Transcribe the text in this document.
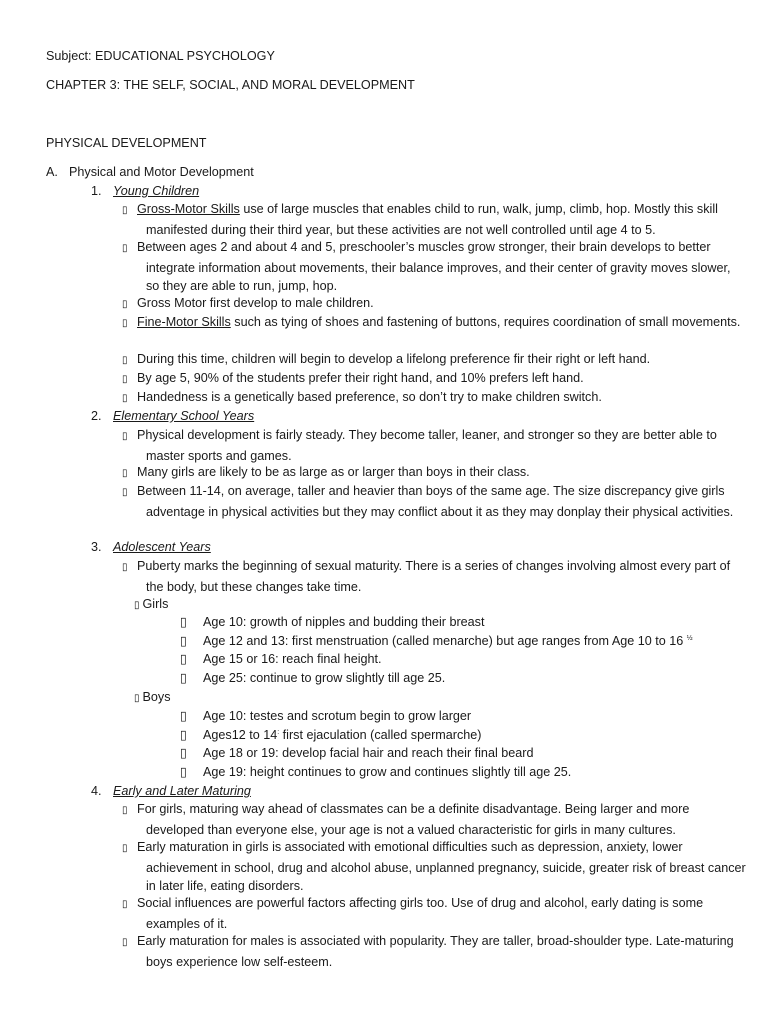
Subject: EDUCATIONAL PSYCHOLOGY
CHAPTER 3: THE SELF, SOCIAL, AND MORAL DEVELOPMENT
PHYSICAL DEVELOPMENT
A. Physical and Motor Development
1. Young Children

▯ Gross-Motor Skills use of large muscles that enables child to run, walk, jump, climb, hop. Mostly this skill manifested during their third year, but these activities are not well controlled until age 4 to 5.

▯ Between ages 2 and about 4 and 5, preschooler’s muscles grow stronger, their brain develops to better integrate information about movements, their balance improves, and their center of gravity moves slower, so they are able to run, jump, hop.

▯ Gross Motor first develop to male children.

▯ Fine-Motor Skills such as tying of shoes and fastening of buttons, requires coordination of small movements.

▯ During this time, children will begin to develop a lifelong preference fir their right or left hand.

▯ By age 5, 90% of the students prefer their right hand, and 10% prefers left hand.

▯ Handedness is a genetically based preference, so don’t try to make children switch.

2. Elementary School Years

▯ Physical development is fairly steady. They become taller, leaner, and stronger so they are better able to master sports and games.

▯ Many girls are likely to be as large as or larger than boys in their class.

▯ Between 11-14, on average, taller and heavier than boys of the same age. The size discrepancy give girls adventage in physical activities but they may conflict about it as they may donplay their physical activities.

3. Adolescent Years

▯ Puberty marks the beginning of sexual maturity. There is a series of changes involving almost every part of the body, but these changes take time.

▯ Girls
▯ Age 10: growth of nipples and budding their breast
▯ Age 12 and 13: first menstruation (called menarche) but age ranges from Age 10 to 16 $^{\frac{1}{2}}$
▯ Age 15 or 16: reach final height.
▯ Age 25: continue to grow slightly till age 25.
▯ Boys
▯ Age 10: testes and scrotum begin to grow larger
▯ Ages12 to 14: first ejaculation (called spermarche)
▯ Age 18 or 19: develop facial hair and reach their final beard
▯ Age 19: height continues to grow and continues slightly till age 25.
4. Early and Later Maturing

▯ For girls, maturing way ahead of classmates can be a definite disadvantage. Being larger and more developed than everyone else, your age is not a valued characteristic for girls in many cultures.

▯ Early maturation in girls is associated with emotional difficulties such as depression, anxiety, lower achievement in school, drug and alcohol abuse, unplanned pregnancy, suicide, greater risk of breast cancer in later life, eating disorders.

▯ Social influences are powerful factors affecting girls too. Use of drug and alcohol, early dating is some examples of it.

▯ Early maturation for males is associated with popularity. They are taller, broad-shoulder type. Late-maturing boys experience low self-esteem.
